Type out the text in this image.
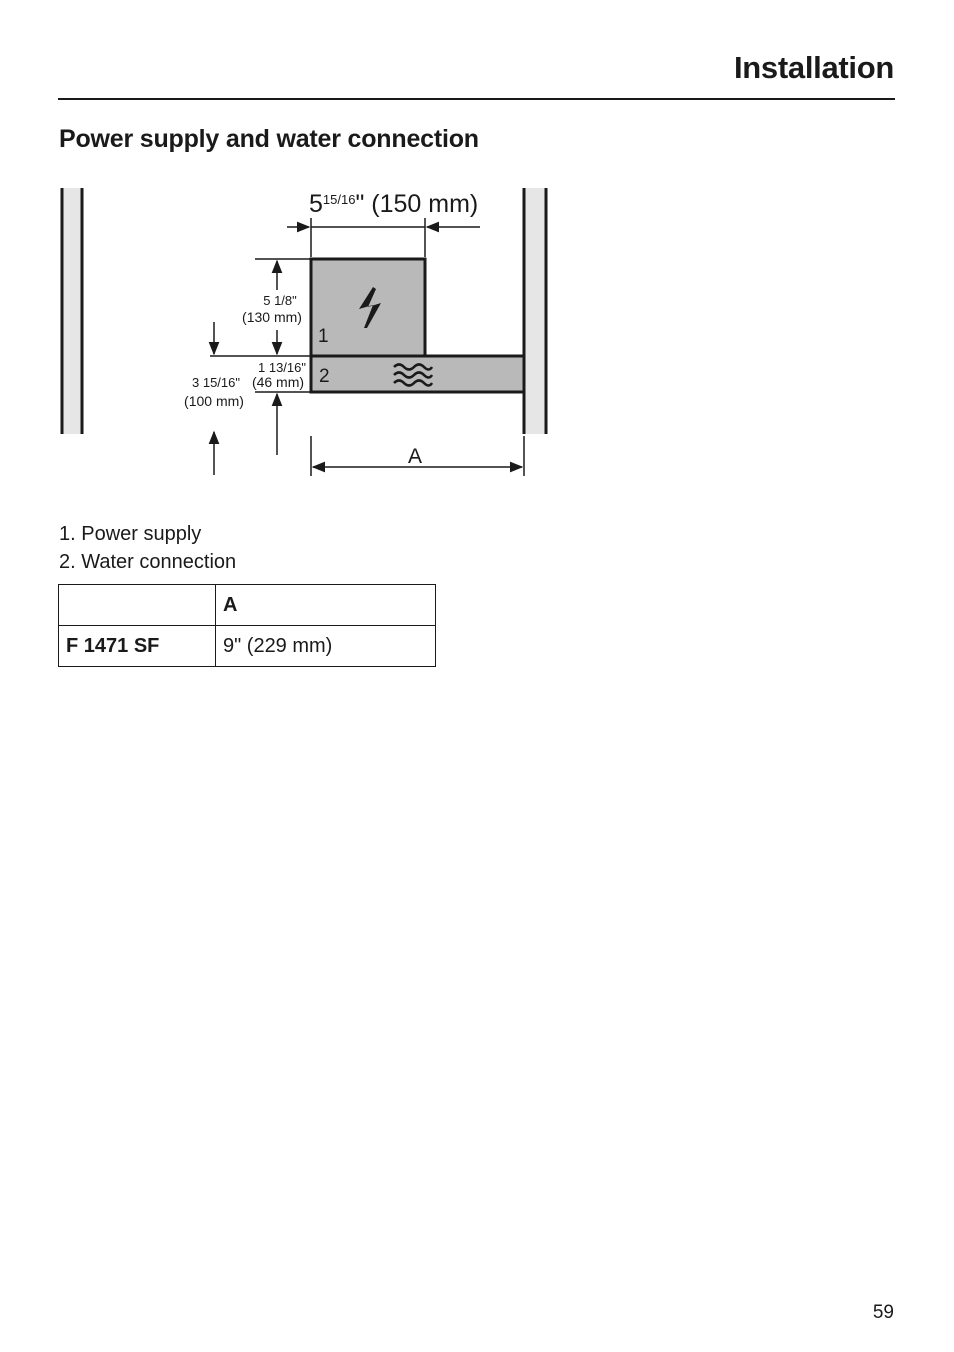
Installation
Power supply and water connection
$5^{15/16}$" (150 mm)
5 1/8"
(130 mm)
1 13/16"
(46 mm)
3 15/16"
(100 mm)
A
1
2
1. Power supply
2. Water connection
	A
F 1471 SF	9" (229 mm)
59
